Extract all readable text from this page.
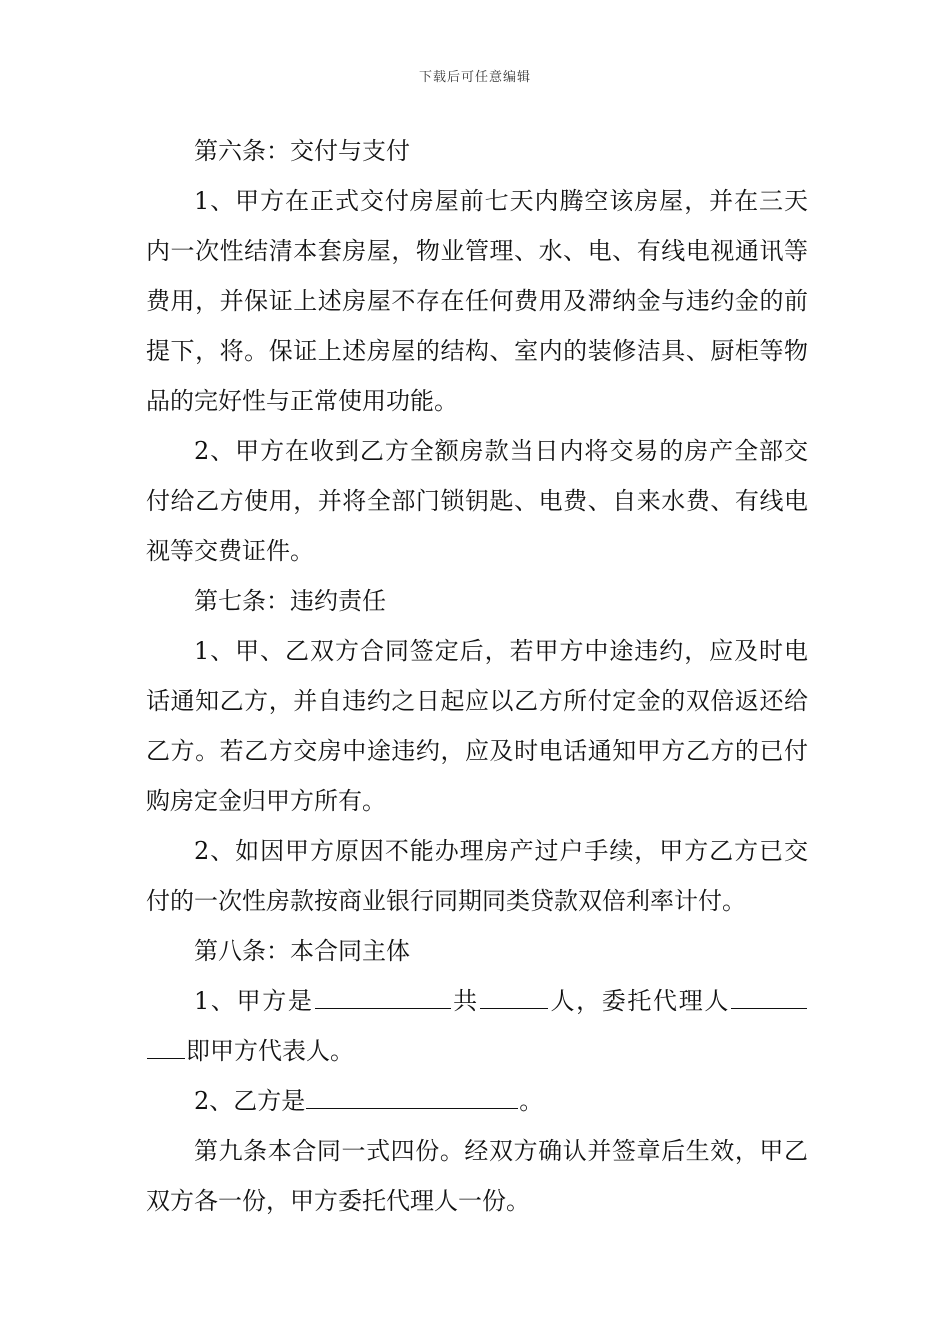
下载后可任意编辑

第六条：交付与支付

1、甲方在正式交付房屋前七天内腾空该房屋，并在三天内一次性结清本套房屋，物业管理、水、电、有线电视通讯等费用，并保证上述房屋不存在任何费用及滞纳金与违约金的前提下，将。保证上述房屋的结构、室内的装修洁具、厨柜等物品的完好性与正常使用功能。

2、甲方在收到乙方全额房款当日内将交易的房产全部交付给乙方使用，并将全部门锁钥匙、电费、自来水费、有线电视等交费证件。

第七条：违约责任

1、甲、乙双方合同签定后，若甲方中途违约，应及时电话通知乙方，并自违约之日起应以乙方所付定金的双倍返还给乙方。若乙方交房中途违约，应及时电话通知甲方乙方的已付购房定金归甲方所有。

2、如因甲方原因不能办理房产过户手续，甲方乙方已交付的一次性房款按商业银行同期同类贷款双倍利率计付。

第八条：本合同主体

1、甲方是	共	人，委托代理人即甲方代表人。

2、乙方是	。

第九条本合同一式四份。经双方确认并签章后生效，甲乙双方各一份，甲方委托代理人一份。
